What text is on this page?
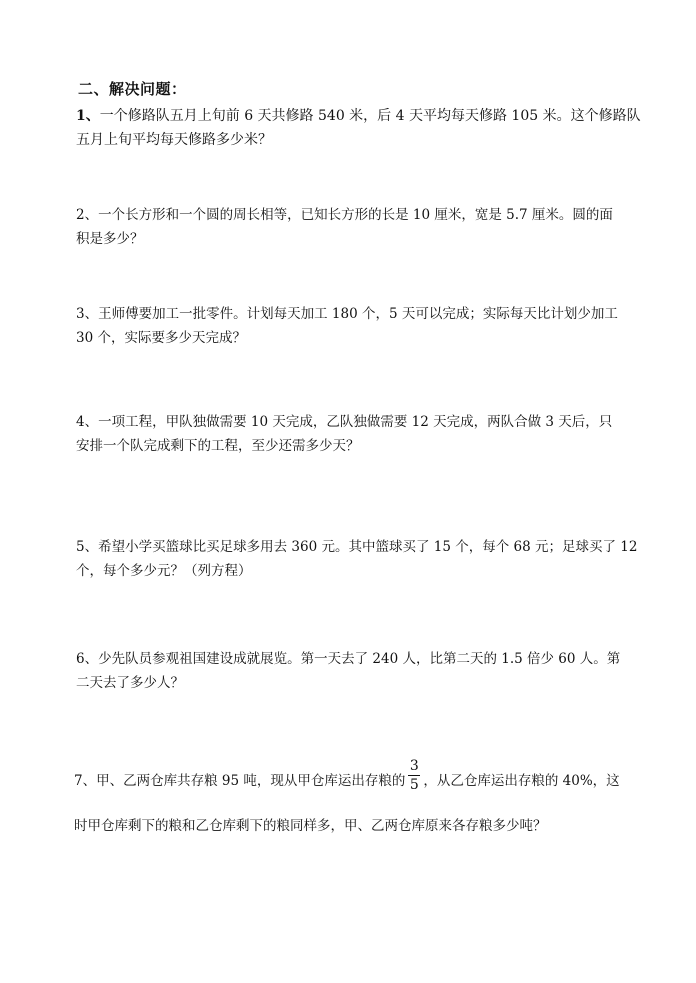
二、解决问题：
1、一个修路队五月上旬前 6 天共修路 540 米，后 4 天平均每天修路 105 米。这个修路队
五月上旬平均每天修路多少米？
2、一个长方形和一个圆的周长相等，已知长方形的长是 10 厘米，宽是 5.7 厘米。圆的面
积是多少？
3、王师傅要加工一批零件。计划每天加工 180 个，5 天可以完成；实际每天比计划少加工
30 个，实际要多少天完成？
4、一项工程，甲队独做需要 10 天完成，乙队独做需要 12 天完成，两队合做 3 天后，只
安排一个队完成剩下的工程，至少还需多少天？
5、希望小学买篮球比买足球多用去 360 元。其中篮球买了 15 个，每个 68 元；足球买了 12
个，每个多少元？（列方程）
6、少先队员参观祖国建设成就展览。第一天去了 240 人，比第二天的 1.5 倍少 60 人。第
二天去了多少人？
7、甲、乙两仓库共存粮 95 吨，现从甲仓库运出存粮的 $\frac{3}{5}$ ，从乙仓库运出存粮的 40%，这
时甲仓库剩下的粮和乙仓库剩下的粮同样多，甲、乙两仓库原来各存粮多少吨？
